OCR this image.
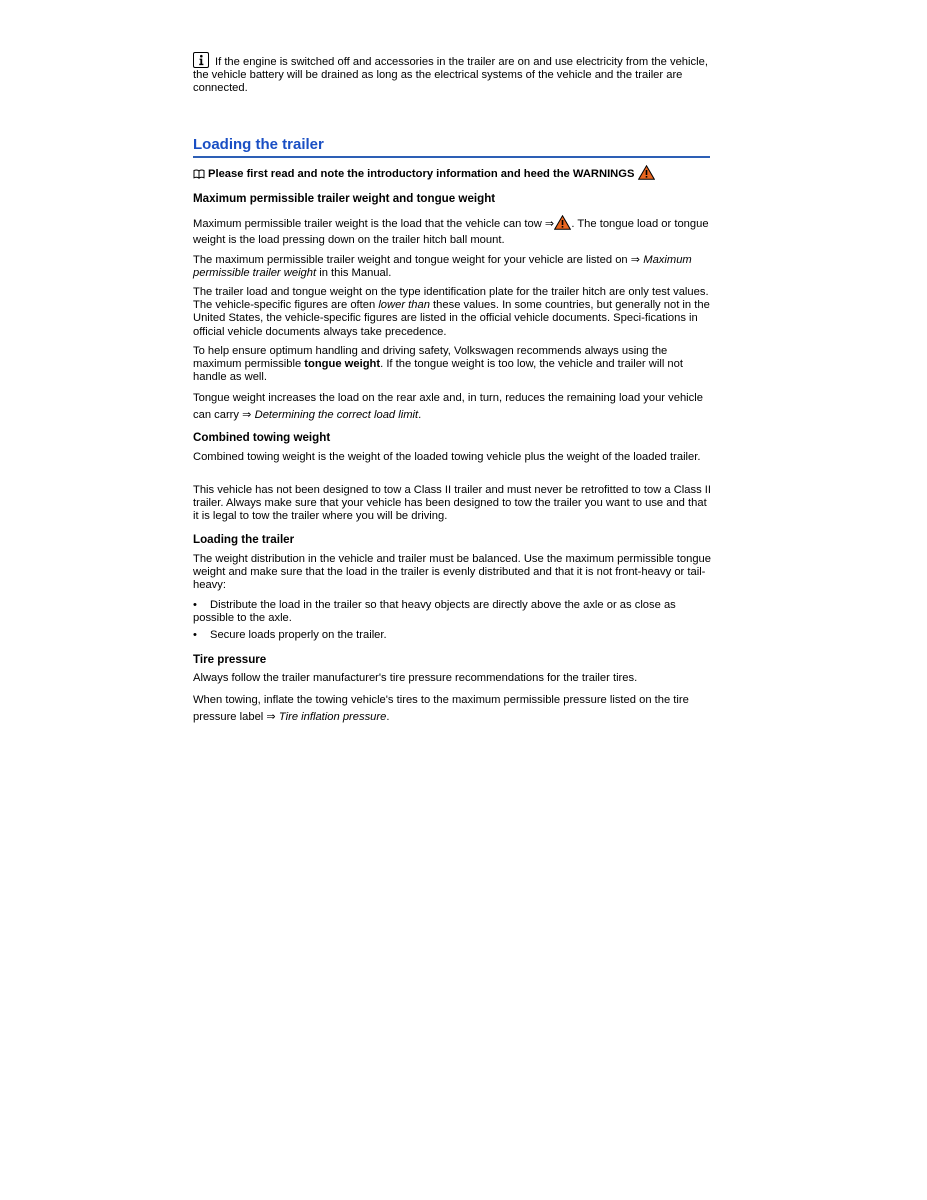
If the engine is switched off and accessories in the trailer are on and use electricity from the vehicle, the vehicle battery will be drained as long as the electrical systems of the vehicle and the trailer are connected.

Loading the trailer
Please first read and note the introductory information and heed the WARNINGS
Maximum permissible trailer weight and tongue weight

Maximum permissible trailer weight is the load that the vehicle can tow ⇒ . The tongue load or tongue weight is the load pressing down on the trailer hitch ball mount.

The maximum permissible trailer weight and tongue weight for your vehicle are listed on ⇒ Maximum permissible trailer weight in this Manual.

The trailer load and tongue weight on the type identification plate for the trailer hitch are only test values. The vehicle-specific figures are often lower than these values. In some countries, but generally not in the United States, the vehicle-specific figures are listed in the official vehicle documents. Speci-fications in official vehicle documents always take precedence.

To help ensure optimum handling and driving safety, Volkswagen recommends always using the maximum permissible tongue weight. If the tongue weight is too low, the vehicle and trailer will not handle as well.

Tongue weight increases the load on the rear axle and, in turn, reduces the remaining load your vehicle can carry ⇒ Determining the correct load limit.

Combined towing weight

Combined towing weight is the weight of the loaded towing vehicle plus the weight of the loaded trailer.

This vehicle has not been designed to tow a Class II trailer and must never be retrofitted to tow a Class II trailer. Always make sure that your vehicle has been designed to tow the trailer you want to use and that it is legal to tow the trailer where you will be driving.

Loading the trailer

The weight distribution in the vehicle and trailer must be balanced. Use the maximum permissible tongue weight and make sure that the load in the trailer is evenly distributed and that it is not front-heavy or tail-heavy:

• Distribute the load in the trailer so that heavy objects are directly above the axle or as close as possible to the axle.
• Secure loads properly on the trailer.
Tire pressure

Always follow the trailer manufacturer's tire pressure recommendations for the trailer tires.

When towing, inflate the towing vehicle's tires to the maximum permissible pressure listed on the tire pressure label ⇒ Tire inflation pressure.
